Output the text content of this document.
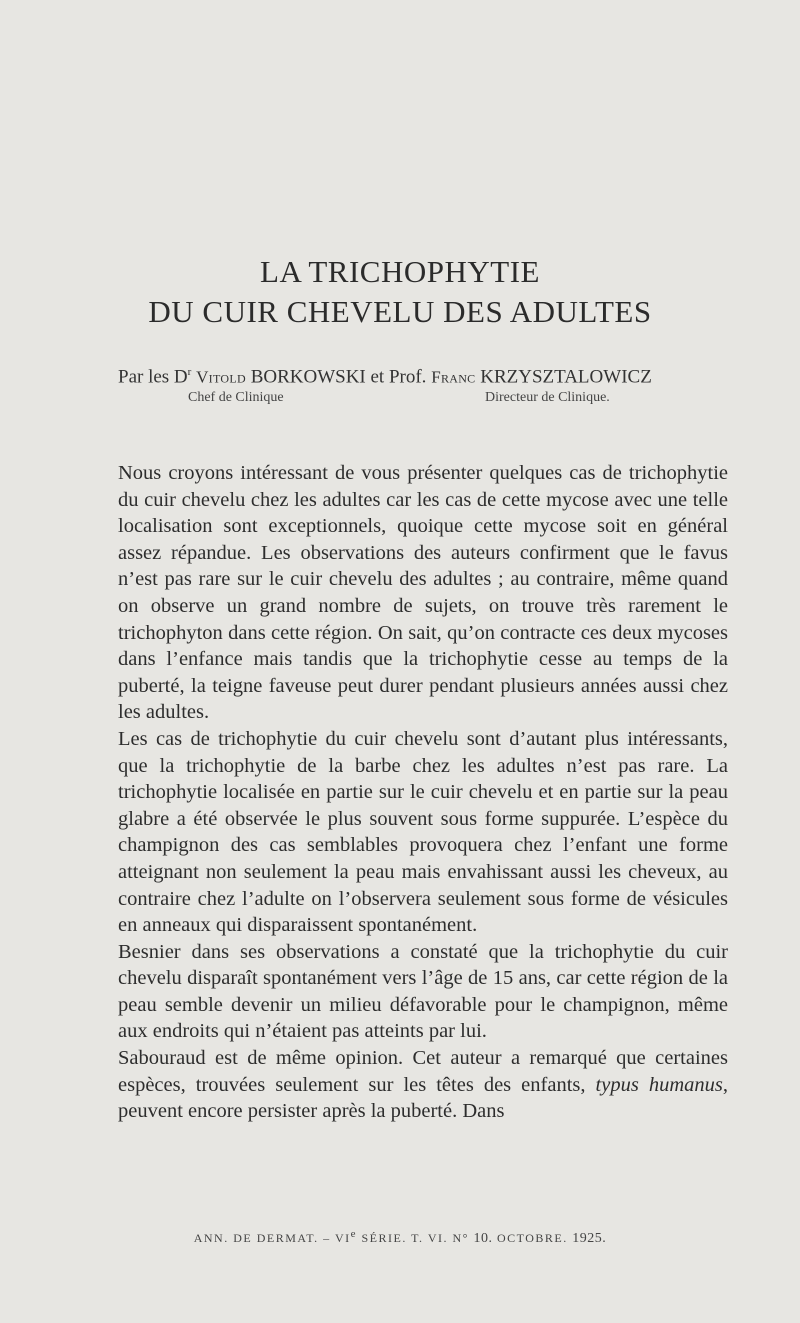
LA TRICHOPHYTIE
DU CUIR CHEVELU DES ADULTES
Par les $D^r$ Vitold BORKOWSKI et Prof. Franc KRZYSZTALOWICZ
Chef de Clinique	Directeur de Clinique.

Nous croyons intéressant de vous présenter quelques cas de trichophytie du cuir chevelu chez les adultes car les cas de cette mycose avec une telle localisation sont exceptionnels, quoique cette mycose soit en général assez répandue. Les observations des auteurs confirment que le favus n’est pas rare sur le cuir chevelu des adultes ; au contraire, même quand on observe un grand nombre de sujets, on trouve très rarement le trichophyton dans cette région. On sait, qu’on contracte ces deux mycoses dans l’enfance mais tandis que la trichophytie cesse au temps de la puberté, la teigne faveuse peut durer pendant plusieurs années aussi chez les adultes.

Les cas de trichophytie du cuir chevelu sont d’autant plus intéressants, que la trichophytie de la barbe chez les adultes n’est pas rare. La trichophytie localisée en partie sur le cuir chevelu et en partie sur la peau glabre a été observée le plus souvent sous forme suppurée. L’espèce du champignon des cas semblables provoquera chez l’enfant une forme atteignant non seulement la peau mais envahissant aussi les cheveux, au contraire chez l’adulte on l’observera seulement sous forme de vésicules en anneaux qui disparaissent spontanément.

Besnier dans ses observations a constaté que la trichophytie du cuir chevelu disparaît spontanément vers l’âge de 15 ans, car cette région de la peau semble devenir un milieu défavorable pour le champignon, même aux endroits qui n’étaient pas atteints par lui.

Sabouraud est de même opinion. Cet auteur a remarqué que certaines espèces, trouvées seulement sur les têtes des enfants, typus humanus, peuvent encore persister après la puberté. Dans

ANN. DE DERMAT. – VIe SÉRIE. T. VI. N° 10. OCTOBRE. 1925.
